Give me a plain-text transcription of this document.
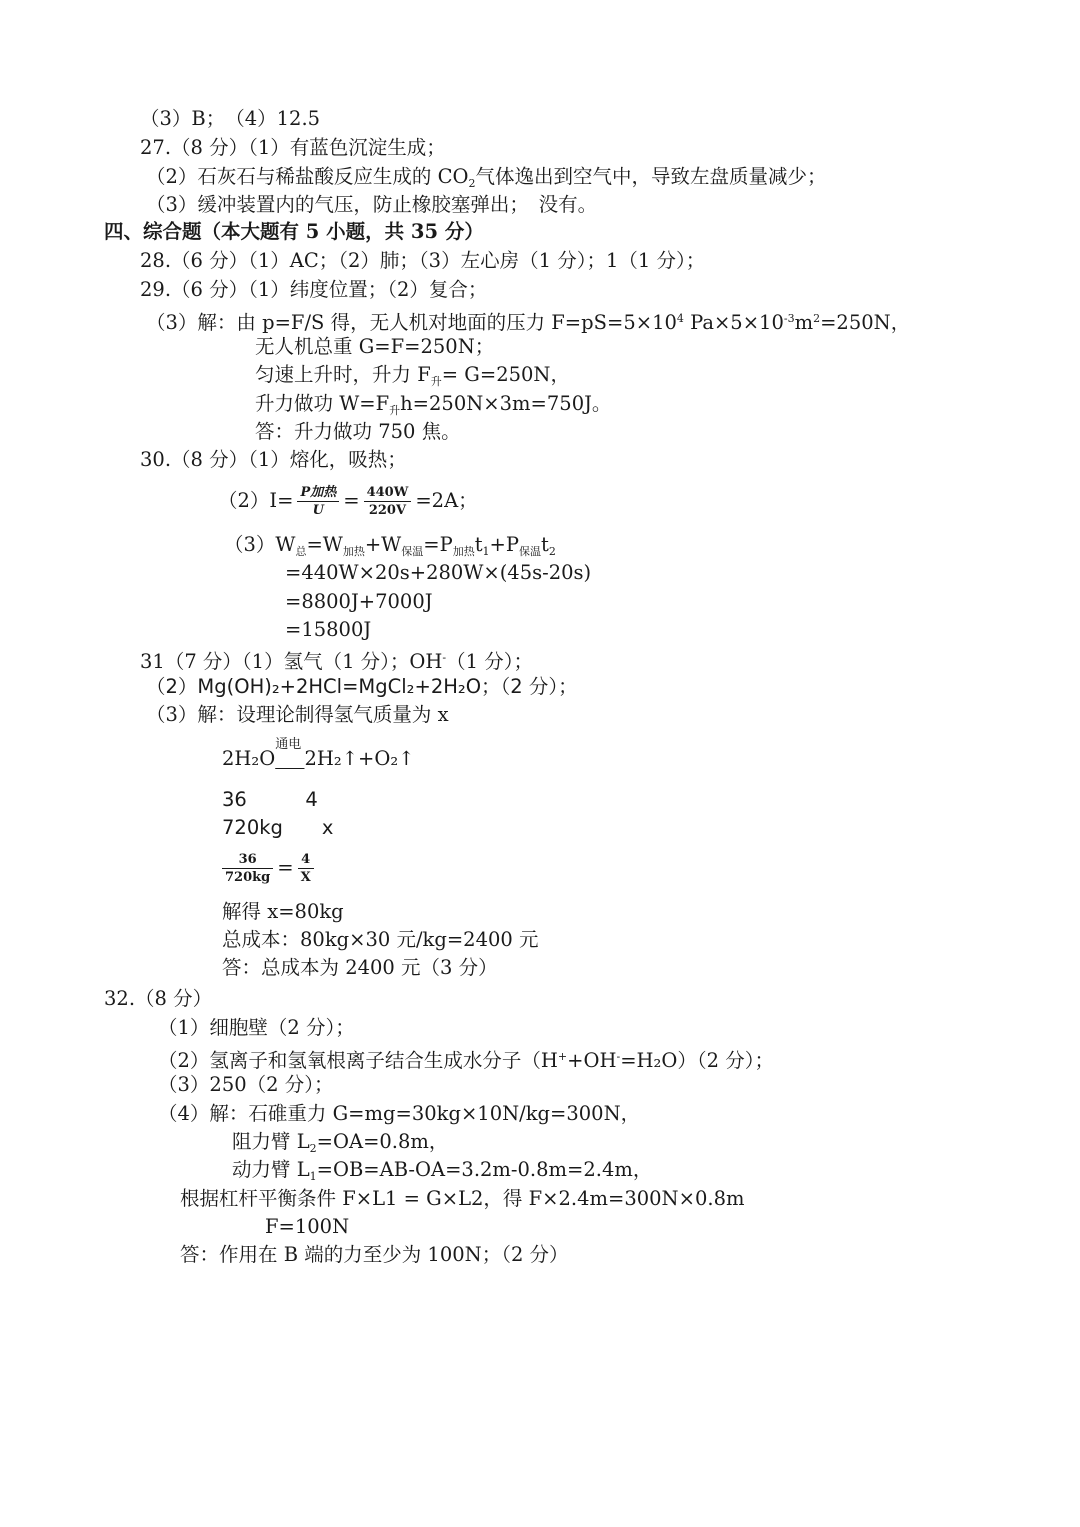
（3）B；　（4）12.5
27.（8 分）（1）有蓝色沉淀生成；
（2）石灰石与稀盐酸反应生成的 $CO_2$气体逸出到空气中，导致左盘质量减少；
（3）缓冲装置内的气压，防止橡胶塞弹出；　没有。
四、综合题（本大题有 5 小题，共 35 分）
28.（6 分）（1）AC；（2）肺；（3）左心房（1 分）；1（1 分）；
29.（6 分）（1）纬度位置；（2）复合；
（3）解：由 p=F/S 得，无人机对地面的压力 $F=pS=5\times 10^4$ $Pa\times 5\times 10^{-3}m^2=250N$，
无人机总重 G=F=250N；
匀速上升时，升力 $F_升= G=250N$，
升力做功 $W=F_升h=250N\times 3m=750J$。
答：升力做功 750 焦。
30.（8 分）（1）熔化，吸热；
$(2)I= \frac{\text{P加热}}{U} = \frac{440W}{220V} =2A$；
$(3)W_总=W_{加热}+W_{保温}=P_{加热}t_1+P_{保温}t_2$
=440W×20s+280W×(45s-20s)
=8800J+7000J
=15800J
31（7 分）（1）氢气（1 分）；OH-（1 分）；
（2）Mg(OH)₂+2HCl=MgCl₂+2H₂O；（2 分）；
（3）解：设理论制得氢气质量为 x
2H₂O
通电
  2H₂↑+O₂↑
36　　　4
720kg　　x
$\frac{36}{720kg} = \frac{4}{X}$
解得 x=80kg
总成本：80kg×30 元/kg=2400 元
答：总成本为 2400 元（3 分）
32.（8 分）
（1）细胞壁（2 分）；
（2）氢离子和氢氧根离子结合生成水分子（H++OH-=H₂O）（2 分）；
（3）250（2 分）；
（4）解：石碓重力 G=mg=30kg×10N/kg=300N，
阻力臂 $L_2=OA=0.8m$，
动力臂 $L_1=OB=AB-OA=3.2m-0.8m=2.4m$，
根据杠杆平衡条件 F×L1 = G×L2，得 F×2.4m=300N×0.8m
F=100N
答：作用在 B 端的力至少为 100N；（2 分）
